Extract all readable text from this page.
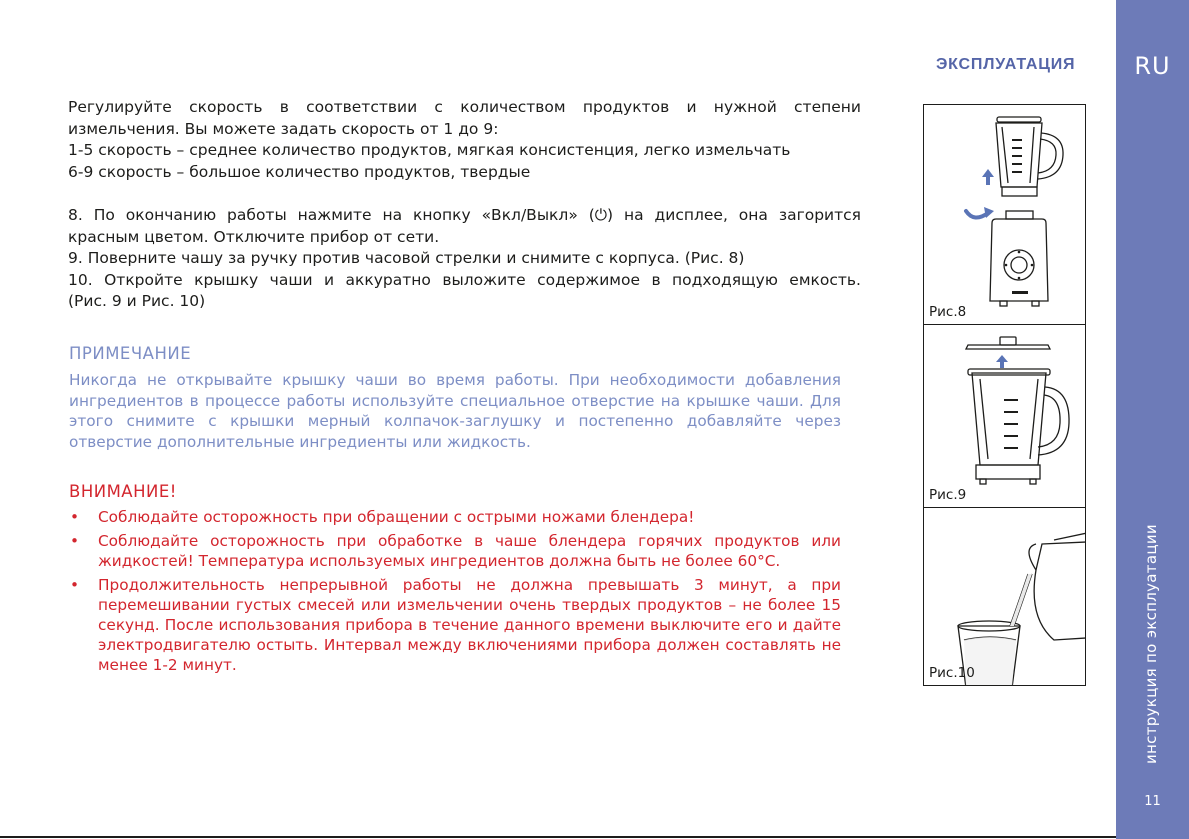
RU
инструкция по эксплуатации
11
ЭКСПЛУАТАЦИЯ
Регулируйте скорость в соответствии с количеством продуктов и нужной степени
измельчения. Вы можете задать скорость от 1 до 9:
1-5 скорость – среднее количество продуктов, мягкая консистенция, легко измельчать
6-9 скорость – большое количество продуктов, твердые
8. По окончанию работы нажмите на кнопку «Вкл/Выкл» (⏻) на дисплее, она загорится
красным цветом. Отключите прибор от сети.
9. Поверните чашу за ручку против часовой стрелки и снимите с корпуса. (Рис. 8)
10. Откройте крышку чаши и аккуратно выложите содержимое в подходящую емкость.
(Рис. 9 и Рис. 10)
ПРИМЕЧАНИЕ
Никогда не открывайте крышку чаши во время работы. При необходимости добавления ингредиентов в процессе работы используйте специальное отверстие на крышке чаши. Для этого снимите с крышки мерный колпачок-заглушку и постепенно добавляйте через отверстие дополнительные ингредиенты или жидкость.
ВНИМАНИЕ!
• Соблюдайте осторожность при обращении с острыми ножами блендера!
• Соблюдайте осторожность при обработке в чаше блендера горячих продуктов или жидкостей! Температура используемых ингредиентов должна быть не более 60°C.
• Продолжительность непрерывной работы не должна превышать 3 минут, а при перемешивании густых смесей или измельчении очень твердых продуктов – не более 15 секунд. После использования прибора в течение данного времени выключите его и дайте электродвигателю остыть. Интервал между включениями прибора должен составлять не менее 1-2 минут.
Рис.8
Рис.9
Рис.10
